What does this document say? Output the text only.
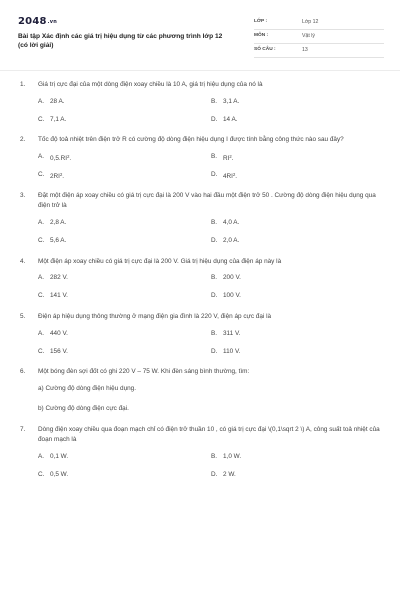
2048.vn
Bài tập Xác định các giá trị hiệu dụng từ các phương trình lớp 12 (có lời giải)
LỚP :	Lớp 12
MÔN :	Vật lý
SỐ CÂU :	13
1.	Giá trị cực đại của một dòng điện xoay chiều là 10 A, giá trị hiệu dụng của nó là
A. 28 A.	B. 3,1 A.
C. 7,1 A.	D. 14 A.
2.	Tốc độ toả nhiệt trên điện trở R có cường độ dòng điện hiệu dụng I được tính bằng công thức nào sau đây?
A. $0,5.RI^2$.	B. $RI^2$.
C. $2RI^2$.	D. $4RI^2$.
3.	Đặt một điện áp xoay chiều có giá trị cực đại là 200 V vào hai đầu một điện trở 50 . Cường độ dòng điện hiệu dụng qua điện trở là
A. 2,8 A.	B. 4,0 A.
C. 5,6 A.	D. 2,0 A.
4.	Một điện áp xoay chiều có giá trị cực đại là 200 V. Giá trị hiệu dụng của điện áp này là
A. 282 V.	B. 200 V.
C. 141 V.	D. 100 V.
5.	Điện áp hiệu dụng thông thường ở mạng điện gia đình là 220 V, điện áp cực đại là
A. 440 V.	B. 311 V.
C. 156 V.	D. 110 V.
6.	Một bóng đèn sợi đốt có ghi 220 V – 75 W. Khi đèn sáng bình thường, tìm:
a) Cường độ dòng điện hiệu dụng.
b) Cường độ dòng điện cực đại.
7.	Dòng điện xoay chiều qua đoạn mạch chỉ có điện trở thuần 10 , có giá trị cực đại \(0,1\sqrt 2 \) A, công suất toả nhiệt của đoạn mạch là
A. 0,1 W.	B. 1,0 W.
C. 0,5 W.	D. 2 W.
